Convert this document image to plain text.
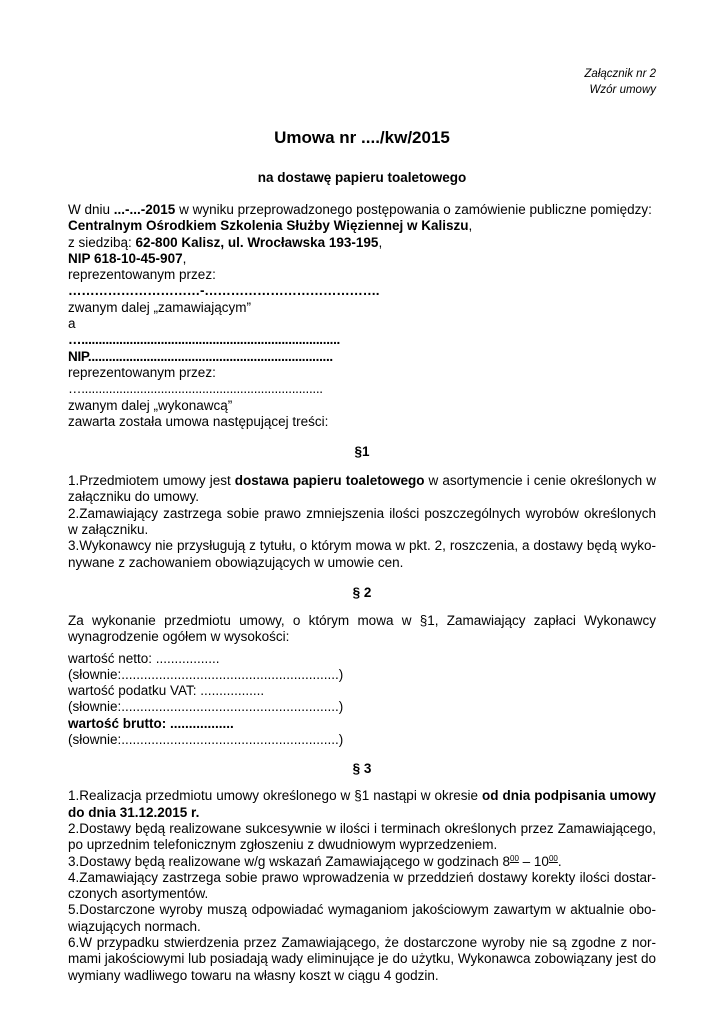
Załącznik nr 2

Wzór umowy

Umowa nr ..../kw/2015

na dostawę papieru toaletowego

W dniu ...-...-2015 w wyniku przeprowadzonego postępowania o zamówienie publiczne pomiędzy:

Centralnym Ośrodkiem Szkolenia Służby Więziennej w Kaliszu,

z siedzibą: 62-800 Kalisz, ul. Wrocławska 193-195,

NIP 618-10-45-907,

reprezentowanym przez:

…………………………-………………………………….

zwanym dalej „zamawiającym”

a

…...........................................................................

NIP.......................................................................

reprezentowanym przez:

…......................................................................

zwanym dalej „wykonawcą”

zawarta została umowa następującej treści:

§1

1.Przedmiotem umowy jest dostawa papieru toaletowego w asortymencie i cenie określonych w załączniku do umowy.

2.Zamawiający zastrzega sobie prawo zmniejszenia ilości poszczególnych wyrobów określonych w załączniku.

3.Wykonawcy nie przysługują z tytułu, o którym mowa w pkt. 2, roszczenia, a dostawy będą wyko-nywane z zachowaniem obowiązujących w umowie cen.

§ 2

Za wykonanie przedmiotu umowy, o którym mowa w §1, Zamawiający zapłaci Wykonawcy wynagrodzenie ogółem w wysokości:

wartość netto: .................

(słownie:..........................................................)

wartość podatku VAT: .................

(słownie:..........................................................)

wartość brutto: .................

(słownie:..........................................................)

§ 3

1.Realizacja przedmiotu umowy określonego w §1 nastąpi w okresie od dnia podpisania umowy do dnia 31.12.2015 r.

2.Dostawy będą realizowane sukcesywnie w ilości i terminach określonych przez Zamawiającego, po uprzednim telefonicznym zgłoszeniu z dwudniowym wyprzedzeniem.

3.Dostawy będą realizowane w/g wskazań Zamawiającego w godzinach $8^{00} - 10^{00}$.

4.Zamawiający zastrzega sobie prawo wprowadzenia w przeddzień dostawy korekty ilości dostar-czonych asortymentów.

5.Dostarczone wyroby muszą odpowiadać wymaganiom jakościowym zawartym w aktualnie obo-wiązujących normach.

6.W przypadku stwierdzenia przez Zamawiającego, że dostarczone wyroby nie są zgodne z nor-mami jakościowymi lub posiadają wady eliminujące je do użytku, Wykonawca zobowiązany jest do wymiany wadliwego towaru na własny koszt w ciągu 4 godzin.
